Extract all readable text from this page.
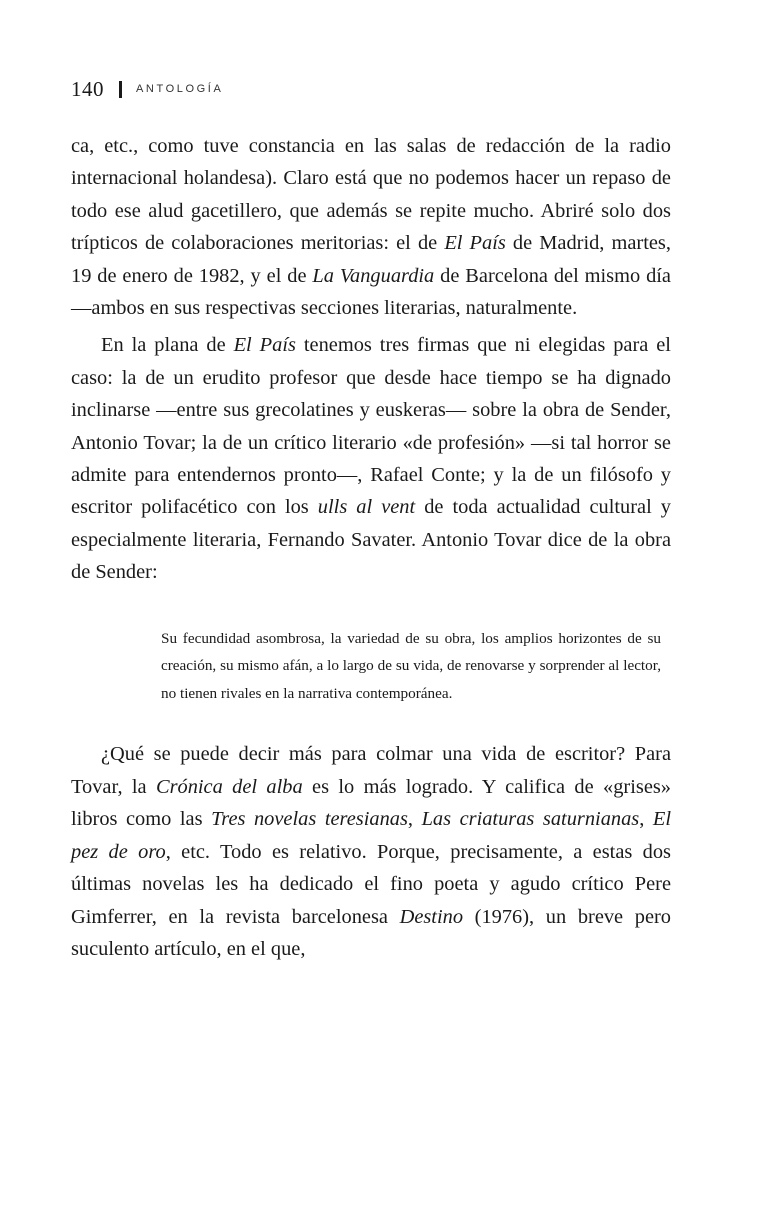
140	ANTOLOGÍA

ca, etc., como tuve constancia en las salas de redacción de la radio internacional holandesa). Claro está que no podemos hacer un repaso de todo ese alud gacetillero, que además se repite mucho. Abriré solo dos trípticos de colaboraciones meritorias: el de El País de Madrid, martes, 19 de enero de 1982, y el de La Vanguardia de Barcelona del mismo día —ambos en sus respectivas secciones literarias, naturalmente.

En la plana de El País tenemos tres firmas que ni elegidas para el caso: la de un erudito profesor que desde hace tiempo se ha dignado inclinarse —entre sus grecolatines y euskeras— sobre la obra de Sender, Antonio Tovar; la de un crítico literario «de profesión» —si tal horror se admite para entendernos pronto—, Rafael Conte; y la de un filósofo y escritor polifacético con los ulls al vent de toda actualidad cultural y especialmente literaria, Fernando Savater. Antonio Tovar dice de la obra de Sender:

Su fecundidad asombrosa, la variedad de su obra, los amplios horizontes de su creación, su mismo afán, a lo largo de su vida, de renovarse y sorprender al lector, no tienen rivales en la narrativa contemporánea.

¿Qué se puede decir más para colmar una vida de escritor? Para Tovar, la Crónica del alba es lo más logrado. Y califica de «grises» libros como las Tres novelas teresianas, Las criaturas saturnianas, El pez de oro, etc. Todo es relativo. Porque, precisamente, a estas dos últimas novelas les ha dedicado el fino poeta y agudo crítico Pere Gimferrer, en la revista barcelonesa Destino (1976), un breve pero suculento artículo, en el que,
